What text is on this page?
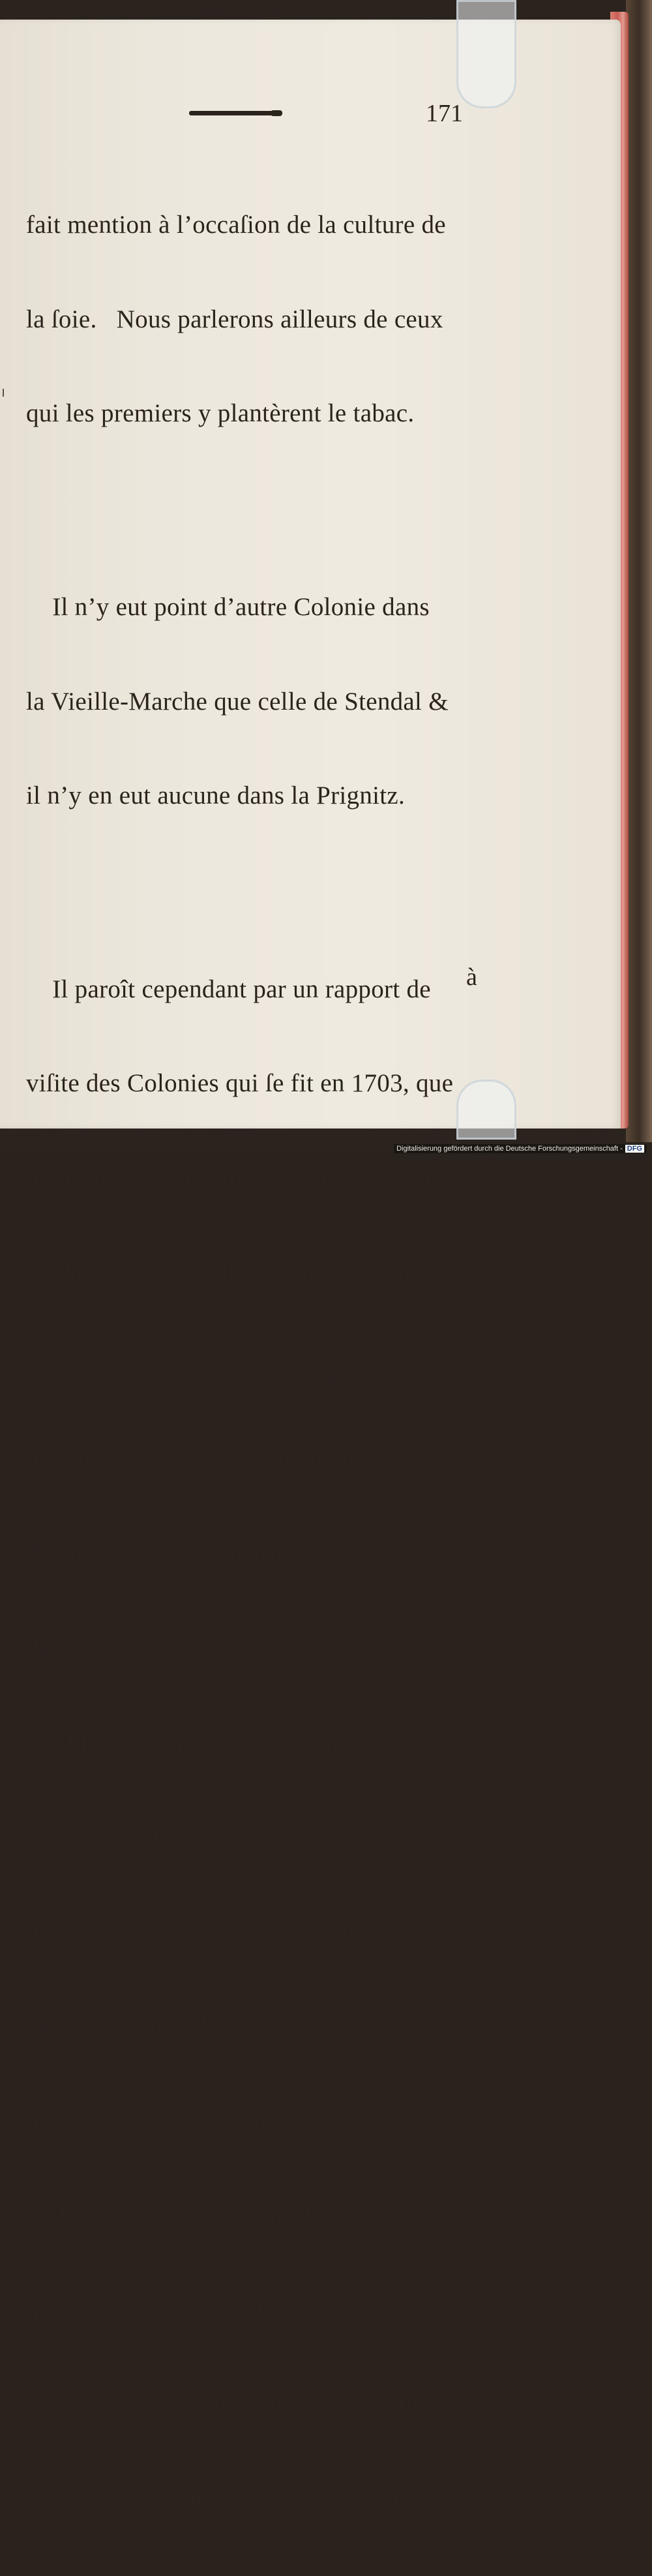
171

fait mention à l’occaſion de la culture de

la ſoie.   Nous parlerons ailleurs de ceux

qui les premiers y plantèrent le tabac.

Il n’y eut point d’autre Colonie dans

la Vieille-Marche que celle de Stendal &

il n’y en eut aucune dans la Prignitz.

Il paroît cependant par un rapport de

viſite des Colonies qui ſe fit en 1703, que

dix familles françoiſes avoient pris en fer-

me la terre de Treuſtœdt, ſous la promeſ-

ſe qu’on leur avoit faite de leur donner

un Paſteur & de rétablir pour eux une

Egliſe qui avoit été détruite;  ils deman-

doient de plus la terre d’Oppendorff.  Se-

lon M. Buſchiug des Colons françois s’é-

tablirent en 1702 dans cet endroit; mais

ils furent remplacés par des Allemands;

nous avons lieu de croire que des Alle-

mands ſe réunirent ſimplement à eux,

puiſque nous trouvons qu’il eſt fait quel-

que mention en 1708 d’une Colonie fran-

çoiſe de ces environs, qui conjointement

avec des Allemands réformés, demanda

à
Digitalisierung gefördert durch die Deutsche Forschungsgemeinschaft - DFG
